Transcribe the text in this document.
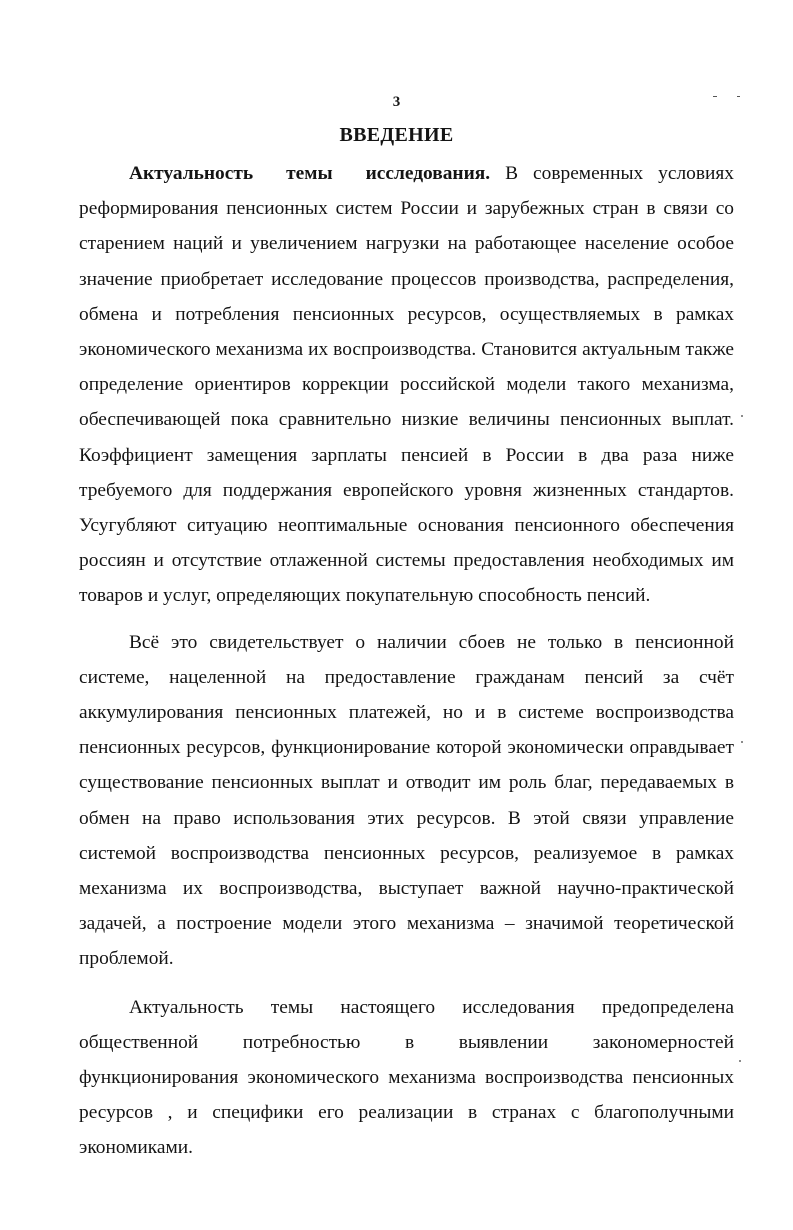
3
ВВЕДЕНИЕ

Актуальность темы исследования. В современных условиях реформирования пенсионных систем России и зарубежных стран в связи со старением наций и увеличением нагрузки на работающее население особое значение приобретает исследование процессов производства, распределения, обмена и потребления пенсионных ресурсов, осуществляемых в рамках экономического механизма их воспроизводства. Становится актуальным также определение ориентиров коррекции российской модели такого механизма, обеспечивающей пока сравнительно низкие величины пенсионных выплат. Коэффициент замещения зарплаты пенсией в России в два раза ниже требуемого для поддержания европейского уровня жизненных стандартов. Усугубляют ситуацию неоптимальные основания пенсионного обеспечения россиян и отсутствие отлаженной системы предоставления необходимых им товаров и услуг, определяющих покупательную способность пенсий.

Всё это свидетельствует о наличии сбоев не только в пенсионной системе, нацеленной на предоставление гражданам пенсий за счёт аккумулирования пенсионных платежей, но и в системе воспроизводства пенсионных ресурсов, функционирование которой экономически оправдывает существование пенсионных выплат и отводит им роль благ, передаваемых в обмен на право использования этих ресурсов. В этой связи управление системой воспроизводства пенсионных ресурсов, реализуемое в рамках механизма их воспроизводства, выступает важной научно-практической задачей, а построение модели этого механизма – значимой теоретической проблемой.

Актуальность темы настоящего исследования предопределена общественной потребностью в выявлении закономерностей функционирования экономического механизма воспроизводства пенсионных ресурсов , и специфики его реализации в странах с благополучными экономиками.
